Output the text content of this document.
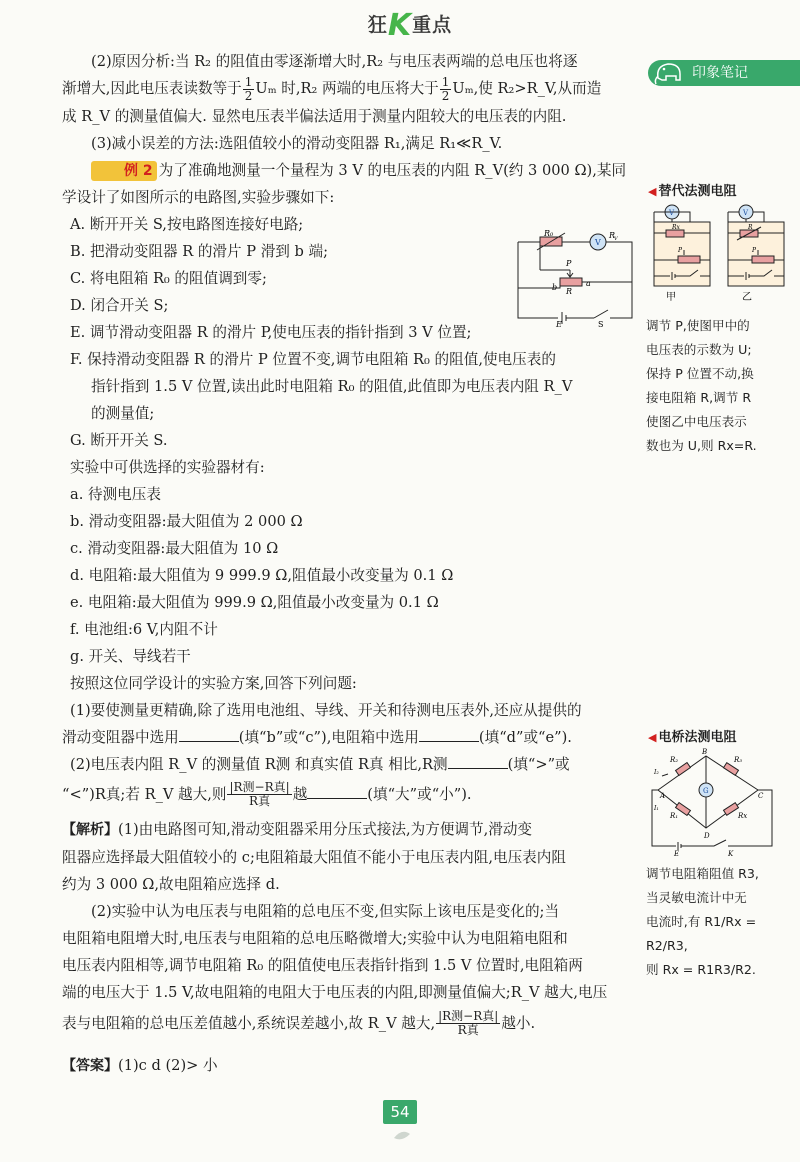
狂K重点
印象笔记

(2)原因分析:当 R₂ 的阻值由零逐渐增大时,R₂ 与电压表两端的总电压也将逐

渐增大,因此电压表读数等于 $\frac{1}{2}$ Uₘ 时,R₂ 两端的电压将大于 $\frac{1}{2} U_m$,使 R₂>R_V,从而造

成 R_V 的测量值偏大. 显然电压表半偏法适用于测量内阻较大的电压表的内阻.

(3)减小误差的方法:选阻值较小的滑动变阻器 R₁,满足 R₁≪R_V.

例 2 为了准确地测量一个量程为 3 V 的电压表的内阻 R_V(约 3 000 Ω),某同

学设计了如图所示的电路图,实验步骤如下:

A. 断开开关 S,按电路图连接好电路;

B. 把滑动变阻器 R 的滑片 P 滑到 b 端;

C. 将电阻箱 R₀ 的阻值调到零;

D. 闭合开关 S;

E. 调节滑动变阻器 R 的滑片 P,使电压表的指针指到 3 V 位置;

F. 保持滑动变阻器 R 的滑片 P 位置不变,调节电阻箱 R₀ 的阻值,使电压表的

指针指到 1.5 V 位置,读出此时电阻箱 R₀ 的阻值,此值即为电压表内阻 R_V

的测量值;

G. 断开开关 S.

实验中可供选择的实验器材有:

a. 待测电压表

b. 滑动变阻器:最大阻值为 2 000 Ω

c. 滑动变阻器:最大阻值为 10 Ω

d. 电阻箱:最大阻值为 9 999.9 Ω,阻值最小改变量为 0.1 Ω

e. 电阻箱:最大阻值为 999.9 Ω,阻值最小改变量为 0.1 Ω

f. 电池组:6 V,内阻不计

g. 开关、导线若干

按照这位同学设计的实验方案,回答下列问题:

(1)要使测量更精确,除了选用电池组、导线、开关和待测电压表外,还应从提供的

滑动变阻器中选用	(填“b”或“c”),电阻箱中选用	(填“d”或“e”).

(2)电压表内阻 R_V 的测量值 R测 和真实值 R真 相比,R测	(填“>”或

“<”)R真;若 R_V 越大,则 $\frac{\text{|R测−R真|}}{\text{R真}}$ 越	(填“大”或“小”).

【解析】(1)由电路图可知,滑动变阻器采用分压式接法,为方便调节,滑动变

阻器应选择最大阻值较小的 c;电阻箱最大阻值不能小于电压表内阻,电压表内阻

约为 3 000 Ω,故电阻箱应选择 d.

(2)实验中认为电压表与电阻箱的总电压不变,但实际上该电压是变化的;当

电阻箱电阻增大时,电压表与电阻箱的总电压略微增大;实验中认为电阻箱电阻和

电压表内阻相等,调节电阻箱 R₀ 的阻值使电压表指针指到 1.5 V 位置时,电阻箱两

端的电压大于 1.5 V,故电阻箱的电阻大于电压表的内阻,即测量值偏大;R_V 越大,电压

表与电阻箱的总电压差值越小,系统误差越小,故 R_V 越大, $\frac{\text{|R测−R真|}}{\text{R真}}$ 越小.

【答案】(1)c d (2)> 小

R₀
V
R
V
P
b R
a
E	S
◀ 替代法测电阻
V	V
Rx	R
P	P
甲	乙
调节 P,使图甲中的
电压表的示数为 U;
保持 P 位置不动,换
接电阻箱 R,调节 R
使图乙中电压表示
数也为 U,则 Rx=R.
◀ 电桥法测电阻
G
R₂	R₃
R₁	Rx
A	C
B
D
I₂
I₁
E	K
调节电阻箱阻值 R3,
当灵敏电流计中无
电流时,有 R1/Rx = R2/R3,
则 Rx = R1R3/R2.
54
